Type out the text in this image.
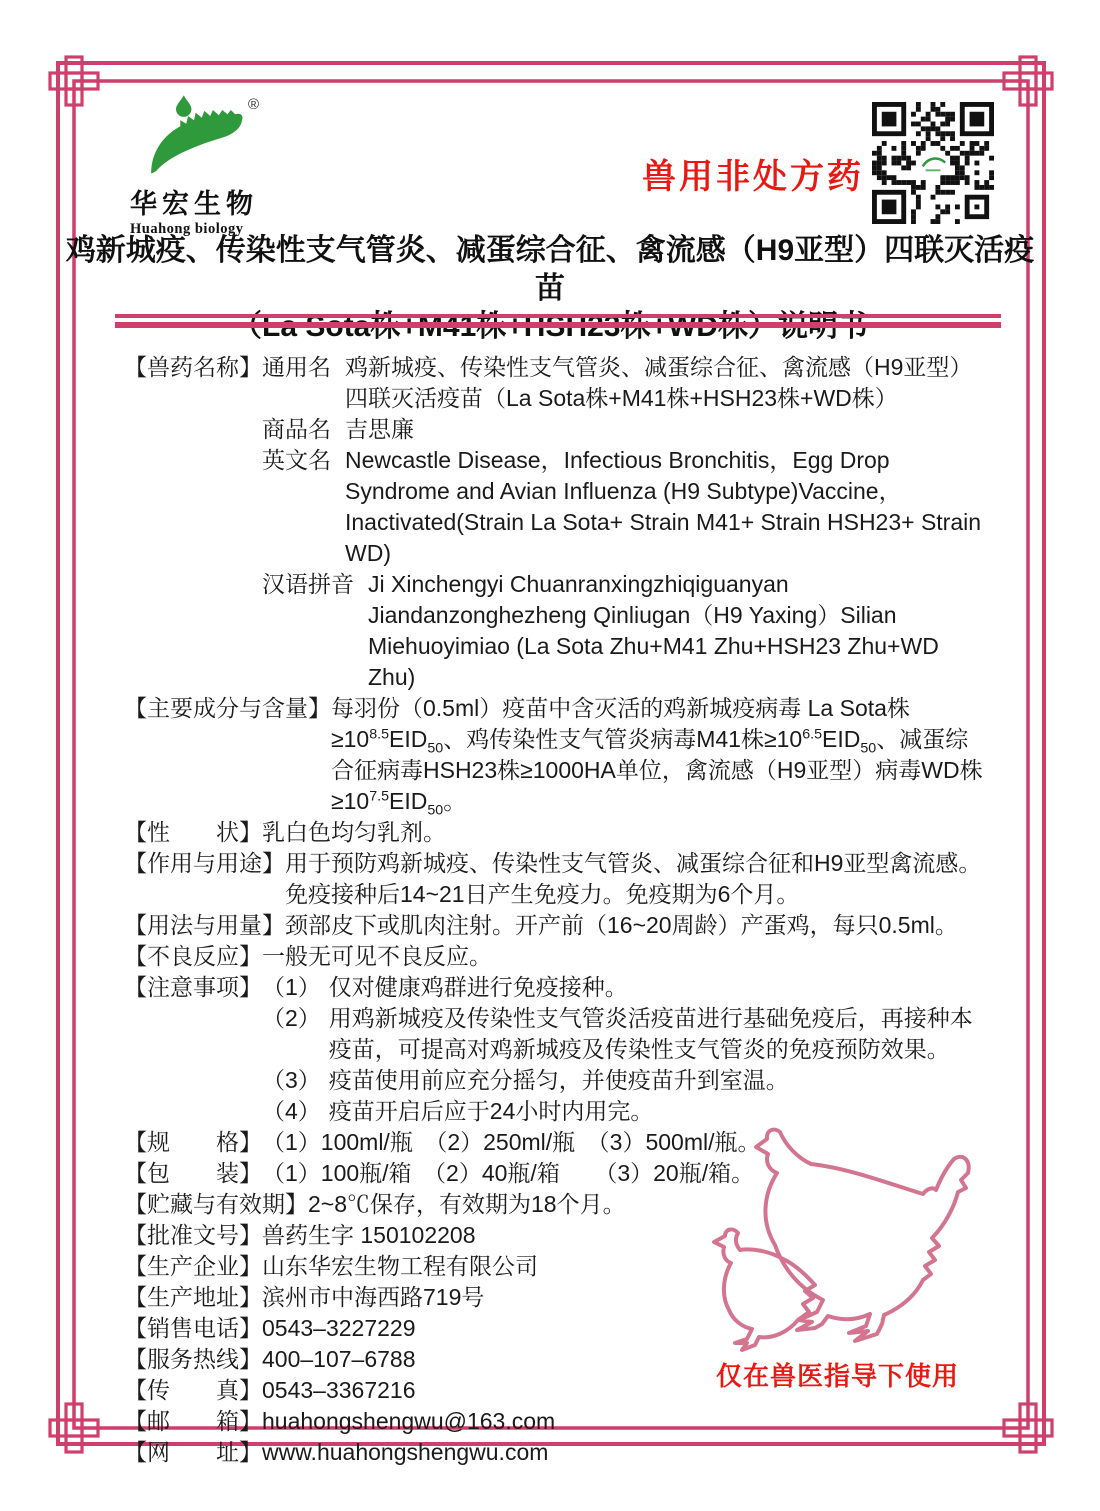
®
华宏生物
Huahong biology
兽用非处方药
鸡新城疫、传染性支气管炎、减蛋综合征、禽流感（H9亚型）四联灭活疫苗
【兽药名称】 通用名 鸡新城疫、传染性支气管炎、减蛋综合征、禽流感（H9亚型）
四联灭活疫苗（La Sota株+M41株+HSH23株+WD株）
商品名 吉思廉
英文名 Newcastle Disease，Infectious Bronchitis，Egg Drop Syndrome and Avian Influenza (H9 Subtype)Vaccine，Inactivated(Strain La Sota+ Strain M41+ Strain HSH23+ Strain WD)
汉语拼音 Ji Xinchengyi Chuanranxingzhiqiguanyan Jiandanzonghezheng Qinliugan（H9 Yaxing）Silian Miehuoyimiao (La Sota Zhu+M41 Zhu+HSH23 Zhu+WD Zhu)
【主要成分与含量】 每羽份（0.5ml）疫苗中含灭活的鸡新城疫病毒 La Sota株$\ge 10^{8.5}EID_{50}$、鸡传染性支气管炎病毒M41株$\ge 10^{6.5}EID_{50}$、减蛋综合征病毒HSH23株≥1000HA单位，禽流感（H9亚型）病毒WD株$\ge 10^{7.5}EID_{50}$。
【性　　状】 乳白色均匀乳剂。
【作用与用途】 用于预防鸡新城疫、传染性支气管炎、减蛋综合征和H9亚型禽流感。免疫接种后14~21日产生免疫力。免疫期为6个月。
【用法与用量】 颈部皮下或肌肉注射。开产前（16~20周龄）产蛋鸡，每只0.5ml。
【不良反应】 一般无可见不良反应。
【注意事项】 （1） 仅对健康鸡群进行免疫接种。
（2） 用鸡新城疫及传染性支气管炎活疫苗进行基础免疫后，再接种本疫苗，可提高对鸡新城疫及传染性支气管炎的免疫预防效果。
（3） 疫苗使用前应充分摇匀，并使疫苗升到室温。
（4） 疫苗开启后应于24小时内用完。
【规　　格】 （1）100ml/瓶　（2）250ml/瓶　（3）500ml/瓶。
【包　　装】 （1）100瓶/箱　（2）40瓶/箱　　（3）20瓶/箱。
【贮藏与有效期】 2~8℃保存，有效期为18个月。
【批准文号】 兽药生字 150102208
【生产企业】 山东华宏生物工程有限公司
【生产地址】 滨州市中海西路719号
【销售电话】 0543–3227229
【服务热线】 400–107–6788
【传　　真】 0543–3367216
【邮　　箱】 huahongshengwu@163.com
【网　　址】 www.huahongshengwu.com
仅在兽医指导下使用
